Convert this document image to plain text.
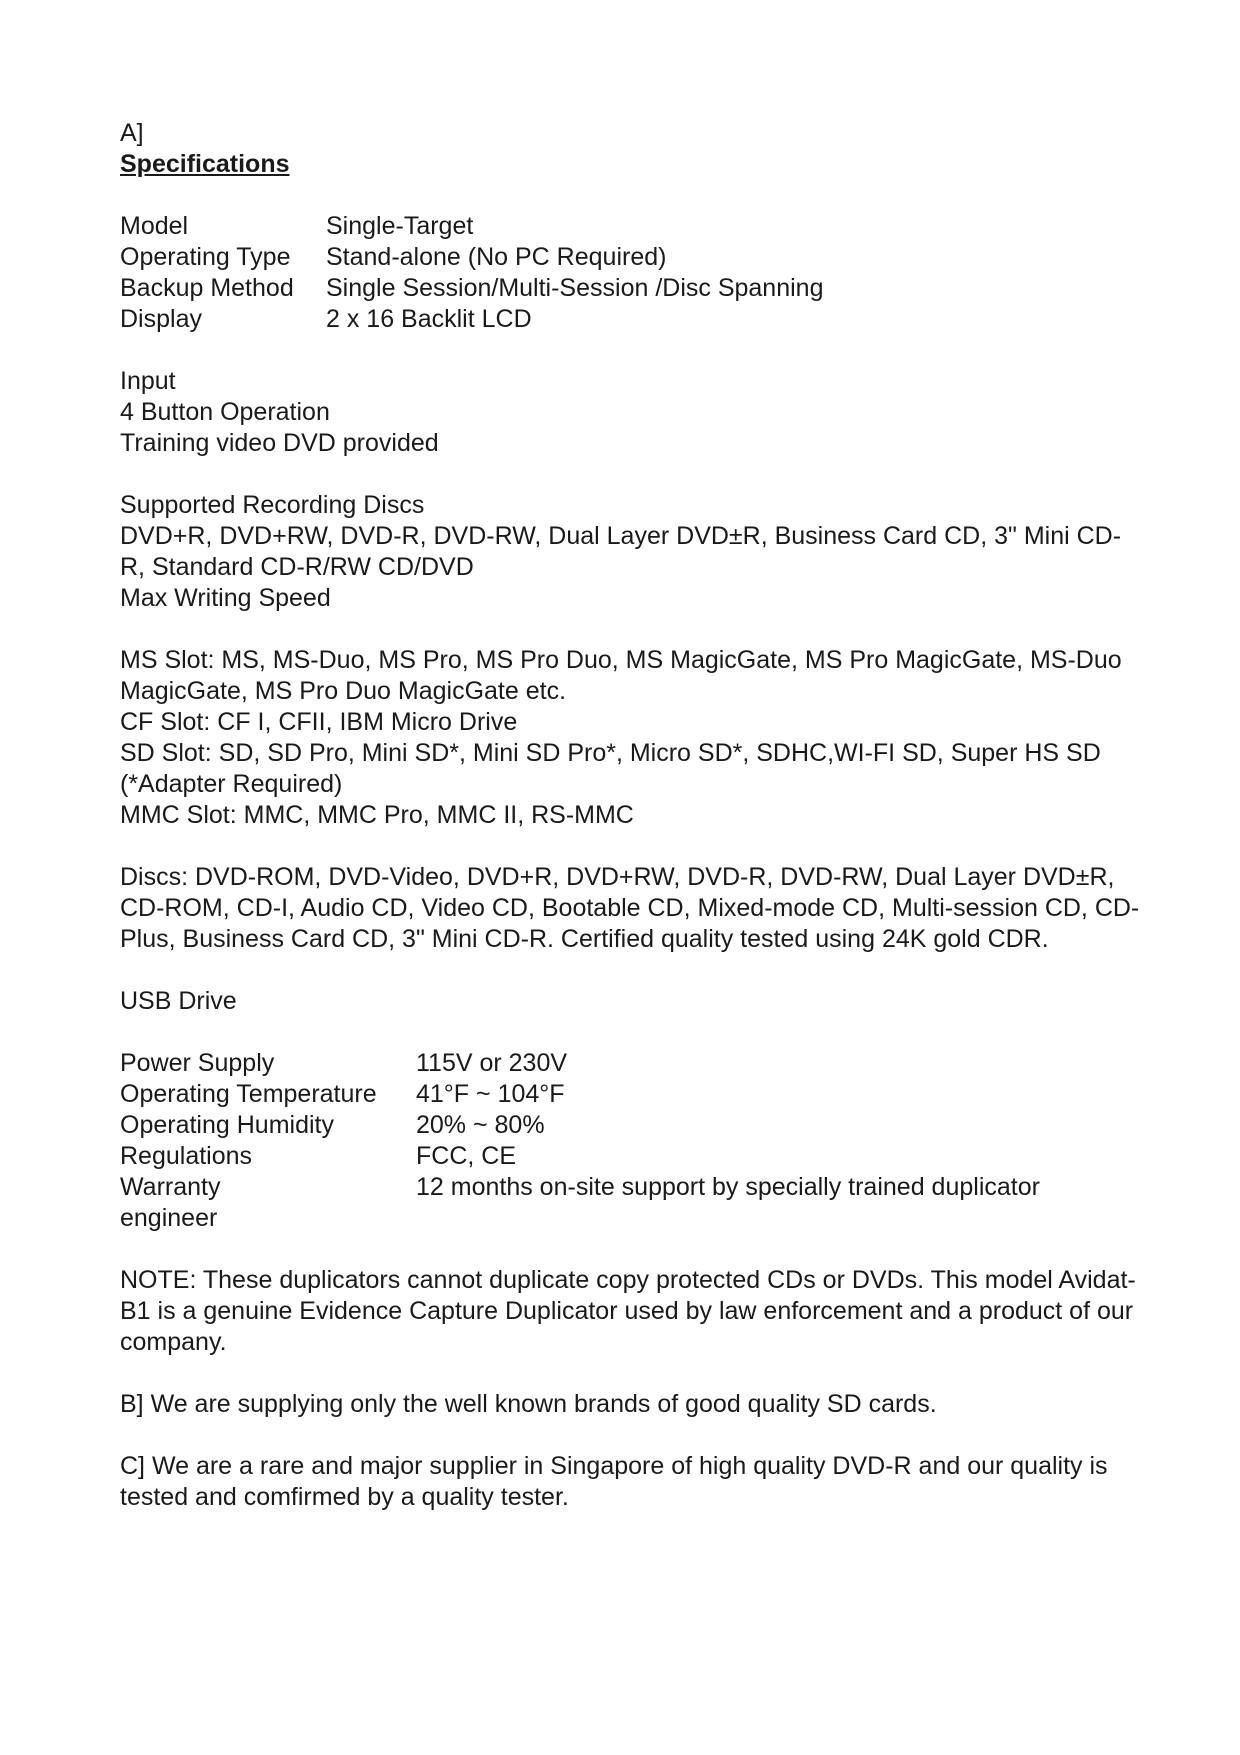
A]

Specifications

Model	Single-Target
Operating Type	Stand-alone (No PC Required)
Backup Method	Single Session/Multi-Session /Disc Spanning
Display	2 x 16 Backlit LCD

Input

4 Button Operation

Training video DVD provided

Supported Recording Discs

DVD+R, DVD+RW, DVD-R, DVD-RW, Dual Layer DVD±R, Business Card CD, 3" Mini CD-R, Standard CD-R/RW CD/DVD

Max Writing Speed

MS Slot: MS, MS-Duo, MS Pro, MS Pro Duo, MS MagicGate, MS Pro MagicGate, MS-Duo MagicGate, MS Pro Duo MagicGate etc.

CF Slot: CF I, CFII, IBM Micro Drive

SD Slot: SD, SD Pro, Mini SD*, Mini SD Pro*, Micro SD*, SDHC,WI-FI SD, Super HS SD (*Adapter Required)

MMC Slot: MMC, MMC Pro, MMC II, RS-MMC

Discs: DVD-ROM, DVD-Video, DVD+R, DVD+RW, DVD-R, DVD-RW, Dual Layer DVD±R, CD-ROM, CD-I, Audio CD, Video CD, Bootable CD, Mixed-mode CD, Multi-session CD, CD-Plus, Business Card CD, 3" Mini CD-R. Certified quality tested using 24K gold CDR.

USB Drive

Power Supply	115V or 230V
Operating Temperature	41°F ~ 104°F
Operating Humidity	20% ~ 80%
Regulations	FCC, CE
Warranty	12 months on-site support by specially trained duplicator

engineer

NOTE: These duplicators cannot duplicate copy protected CDs or DVDs. This model Avidat-B1 is a genuine Evidence Capture Duplicator used by law enforcement and a product of our company.

B] We are supplying only the well known brands of good quality SD cards.

C] We are a rare and major supplier in Singapore of high quality DVD-R and our quality is tested and comfirmed by a quality tester.
